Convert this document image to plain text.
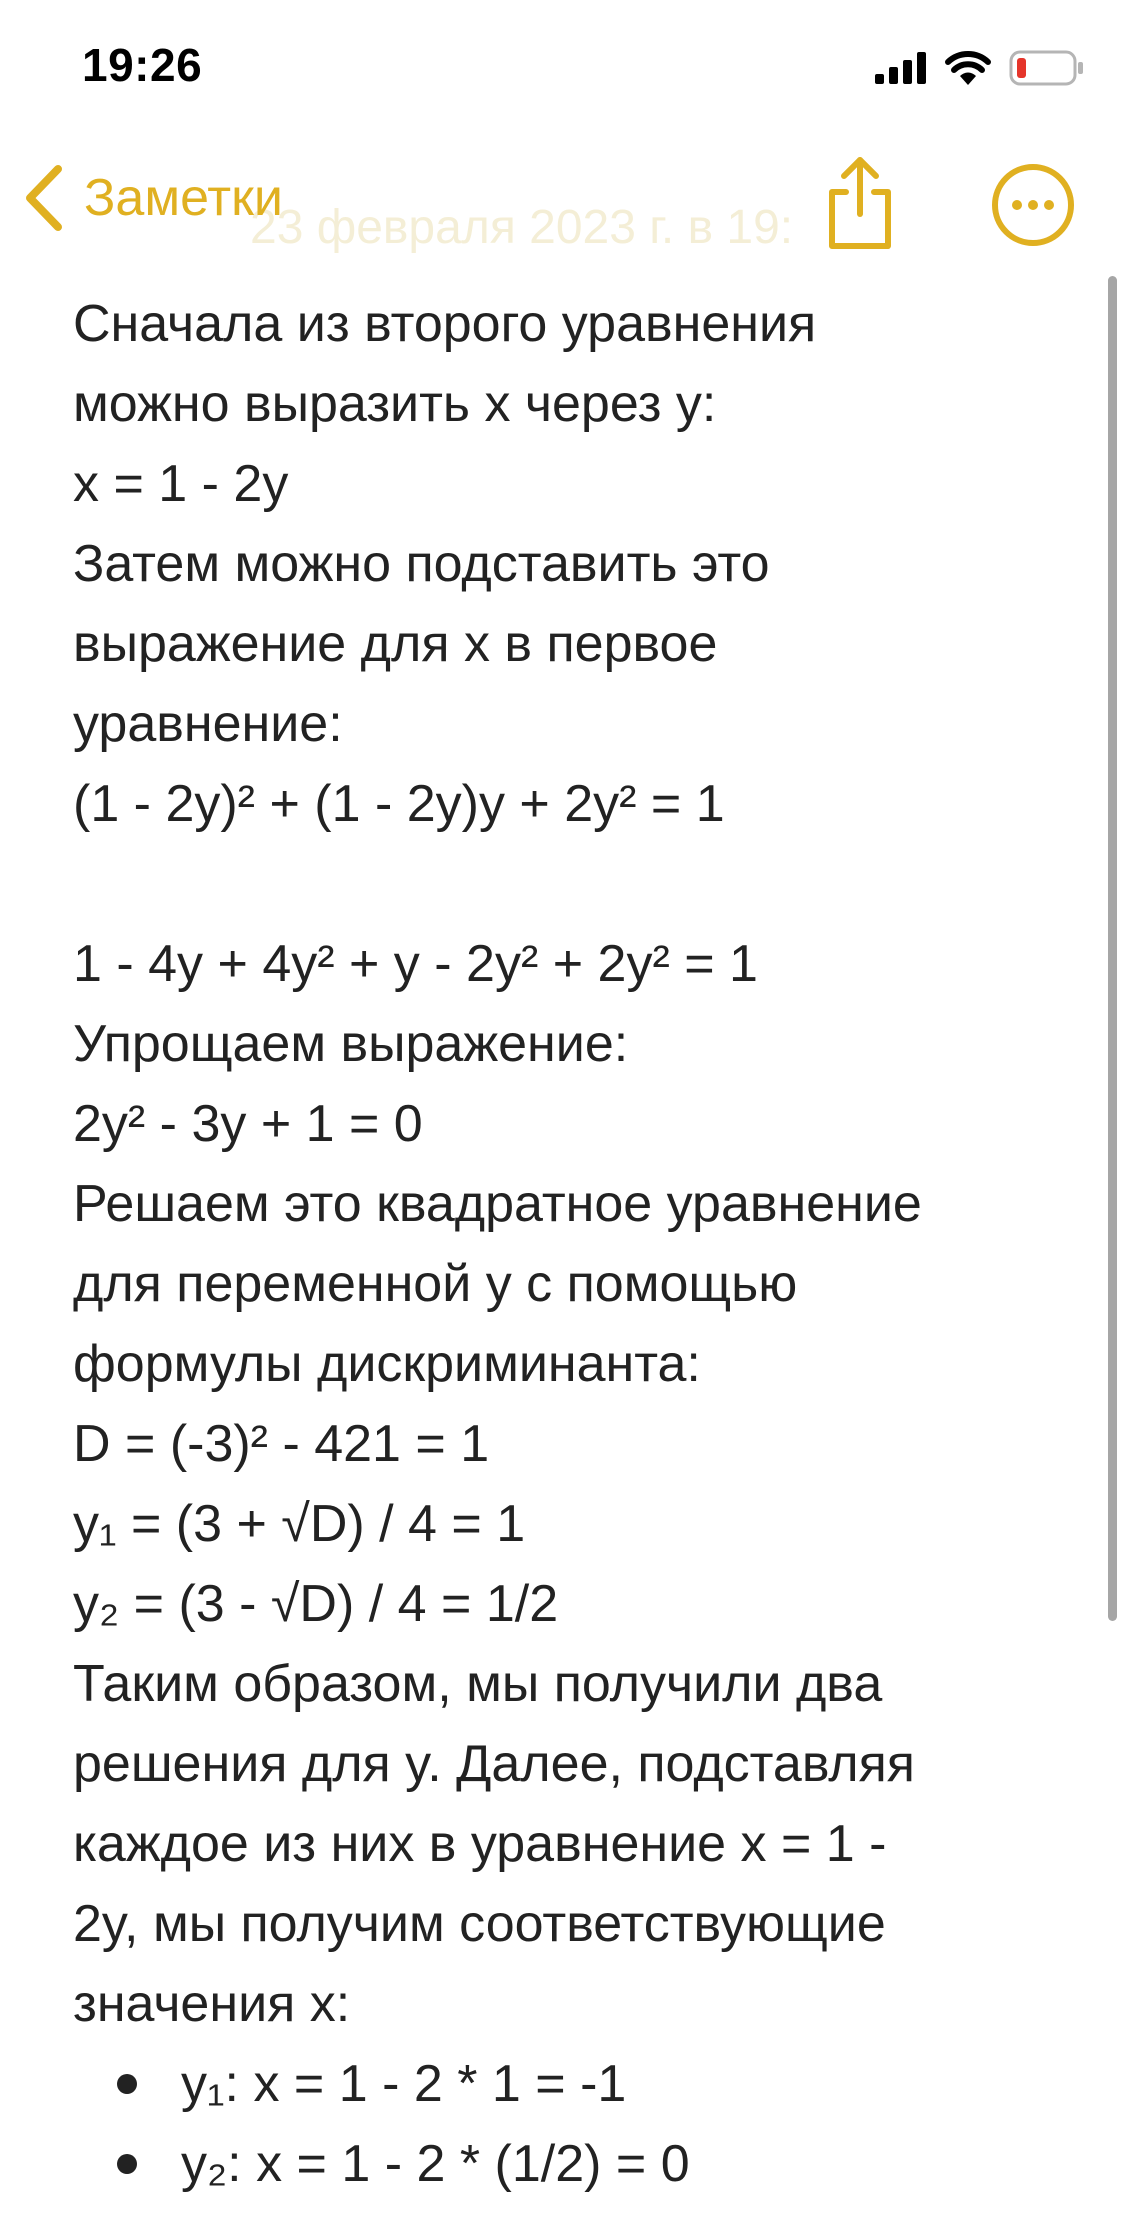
19:26
23 февраля 2023 г. в 19:
Заметки
Сначала из второго уравнения
можно выразить x через y:
x = 1 - 2y
Затем можно подставить это
выражение для x в первое
уравнение:
(1 - 2y)² + (1 - 2y)y + 2y² = 1
1 - 4y + 4y² + y - 2y² + 2y² = 1
Упрощаем выражение:
2y² - 3y + 1 = 0
Решаем это квадратное уравнение
для переменной y с помощью
формулы дискриминанта:
D = (-3)² - 421 = 1
y₁ = (3 + √D) / 4 = 1
y₂ = (3 - √D) / 4 = 1/2
Таким образом, мы получили два
решения для y. Далее, подставляя
каждое из них в уравнение x = 1 -
2y, мы получим соответствующие
значения x:
y₁: x = 1 - 2 * 1 = -1
y₂: x = 1 - 2 * (1/2) = 0
